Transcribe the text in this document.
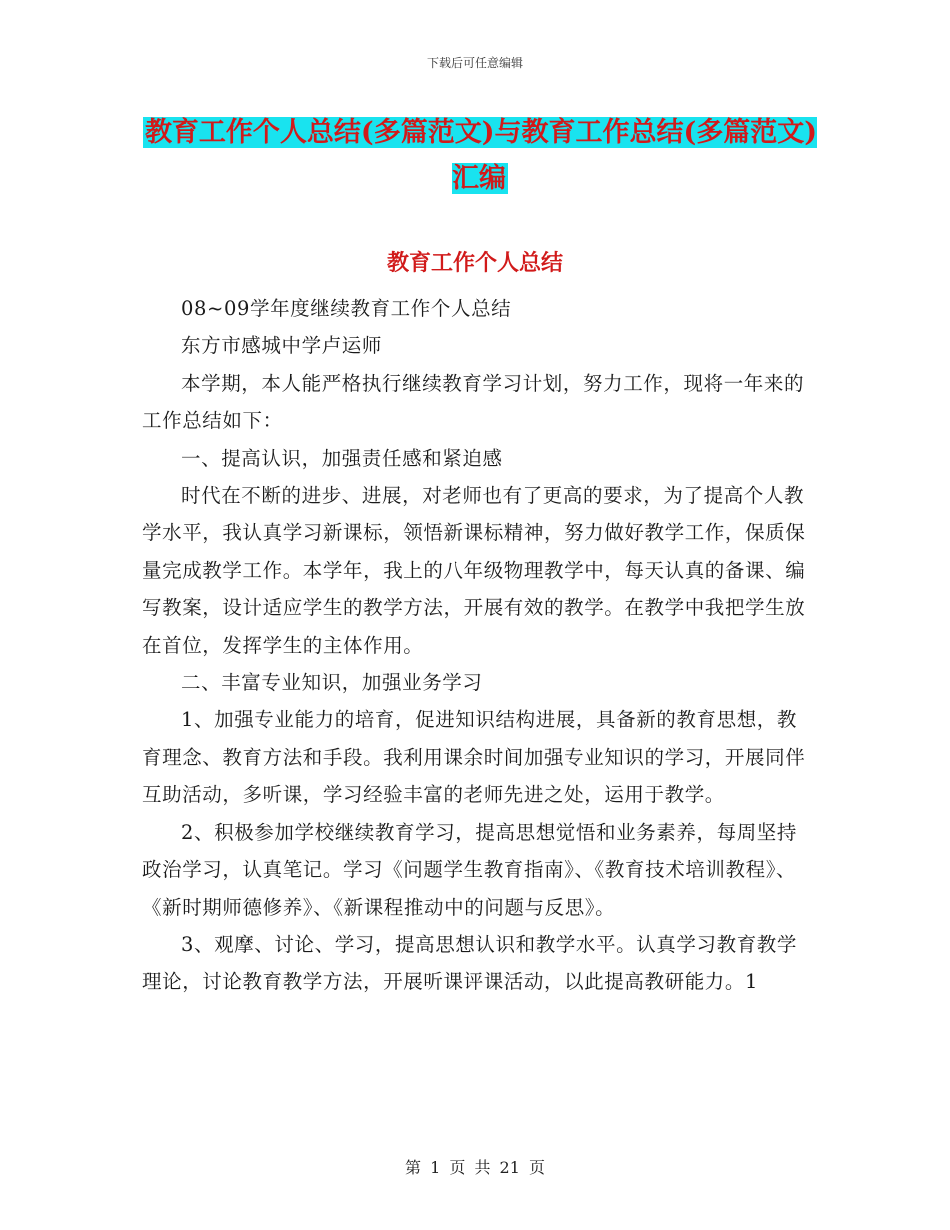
下载后可任意编辑
教育工作个人总结(多篇范文)与教育工作总结(多篇范文)汇编
教育工作个人总结

08~09学年度继续教育工作个人总结

东方市感城中学卢运师

本学期，本人能严格执行继续教育学习计划，努力工作，现将一年来的工作总结如下：

一、提高认识，加强责任感和紧迫感

时代在不断的进步、进展，对老师也有了更高的要求，为了提高个人教学水平，我认真学习新课标，领悟新课标精神，努力做好教学工作，保质保量完成教学工作。本学年，我上的八年级物理教学中，每天认真的备课、编写教案，设计适应学生的教学方法，开展有效的教学。在教学中我把学生放在首位，发挥学生的主体作用。

二、丰富专业知识，加强业务学习

1、加强专业能力的培育，促进知识结构进展，具备新的教育思想，教育理念、教育方法和手段。我利用课余时间加强专业知识的学习，开展同伴互助活动，多听课，学习经验丰富的老师先进之处，运用于教学。

2、积极参加学校继续教育学习，提高思想觉悟和业务素养，每周坚持政治学习，认真笔记。学习《问题学生教育指南》、《教育技术培训教程》、《新时期师德修养》、《新课程推动中的问题与反思》。

3、观摩、讨论、学习，提高思想认识和教学水平。认真学习教育教学理论，讨论教育教学方法，开展听课评课活动，以此提高教研能力。1

第 1 页 共 21 页
